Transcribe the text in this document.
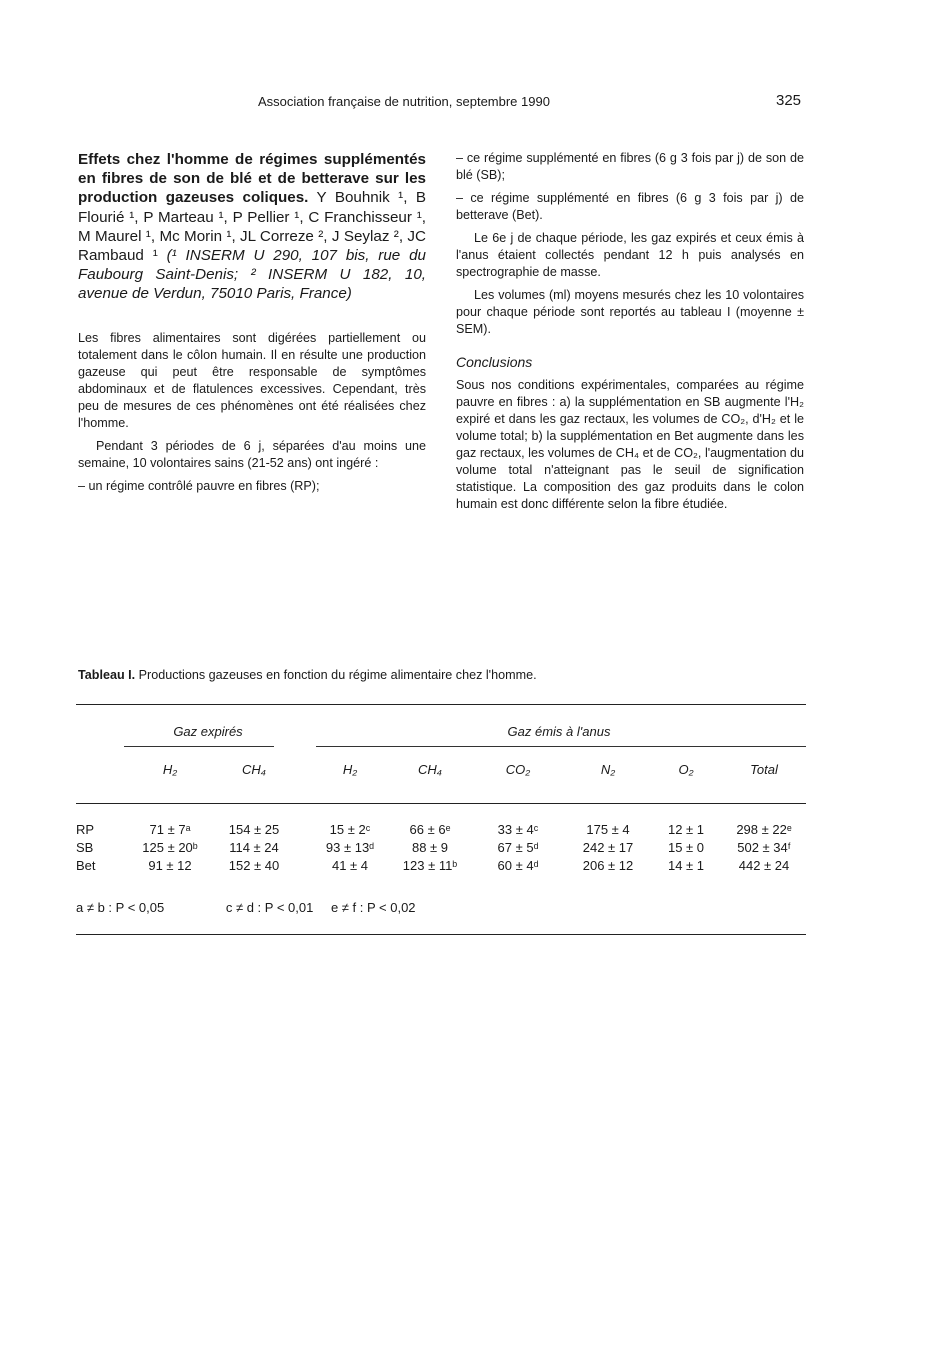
Association française de nutrition, septembre 1990	325
Effets chez l'homme de régimes supplémentés en fibres de son de blé et de betterave sur les production gazeuses coliques. Y Bouhnik ¹, B Flourié ¹, P Marteau ¹, P Pellier ¹, C Franchisseur ¹, M Maurel ¹, Mc Morin ¹, JL Correze ², J Seylaz ², JC Rambaud ¹ (¹ INSERM U 290, 107 bis, rue du Faubourg Saint-Denis; ² INSERM U 182, 10, avenue de Verdun, 75010 Paris, France)

Les fibres alimentaires sont digérées partiellement ou totalement dans le côlon humain. Il en résulte une production gazeuse qui peut être responsable de symptômes abdominaux et de flatulences excessives. Cependant, très peu de mesures de ces phénomènes ont été réalisées chez l'homme.

Pendant 3 périodes de 6 j, séparées d'au moins une semaine, 10 volontaires sains (21-52 ans) ont ingéré :

– un régime contrôlé pauvre en fibres (RP);

– ce régime supplémenté en fibres (6 g 3 fois par j) de son de blé (SB);

– ce régime supplémenté en fibres (6 g 3 fois par j) de betterave (Bet).

Le 6e j de chaque période, les gaz expirés et ceux émis à l'anus étaient collectés pendant 12 h puis analysés en spectrographie de masse.

Les volumes (ml) moyens mesurés chez les 10 volontaires pour chaque période sont reportés au tableau I (moyenne ± SEM).

Conclusions

Sous nos conditions expérimentales, comparées au régime pauvre en fibres : a) la supplémentation en SB augmente l'H₂ expiré et dans les gaz rectaux, les volumes de CO₂, d'H₂ et le volume total; b) la supplémentation en Bet augmente dans les gaz rectaux, les volumes de CH₄ et de CO₂, l'augmentation du volume total n'atteignant pas le seuil de signification statistique. La composition des gaz produits dans le colon humain est donc différente selon la fibre étudiée.

Tableau I. Productions gazeuses en fonction du régime alimentaire chez l'homme.
Gaz expirés	Gaz émis à l'anus
H₂	CH₄	H₂	CH₄	CO₂	N₂	O₂	Total
RP	71 ± 7ᵃ	154 ± 25	15 ± 2ᶜ	66 ± 6ᵉ	33 ± 4ᶜ	175 ± 4	12 ± 1	298 ± 22ᵉ
SB	125 ± 20ᵇ	114 ± 24	93 ± 13ᵈ	88 ± 9	67 ± 5ᵈ	242 ± 17	15 ± 0	502 ± 34ᶠ
Bet	91 ± 12	152 ± 40	41 ± 4	123 ± 11ᵇ	60 ± 4ᵈ	206 ± 12	14 ± 1	442 ± 24
a ≠ b : P < 0,05	c ≠ d : P < 0,01 e ≠ f : P < 0,02
